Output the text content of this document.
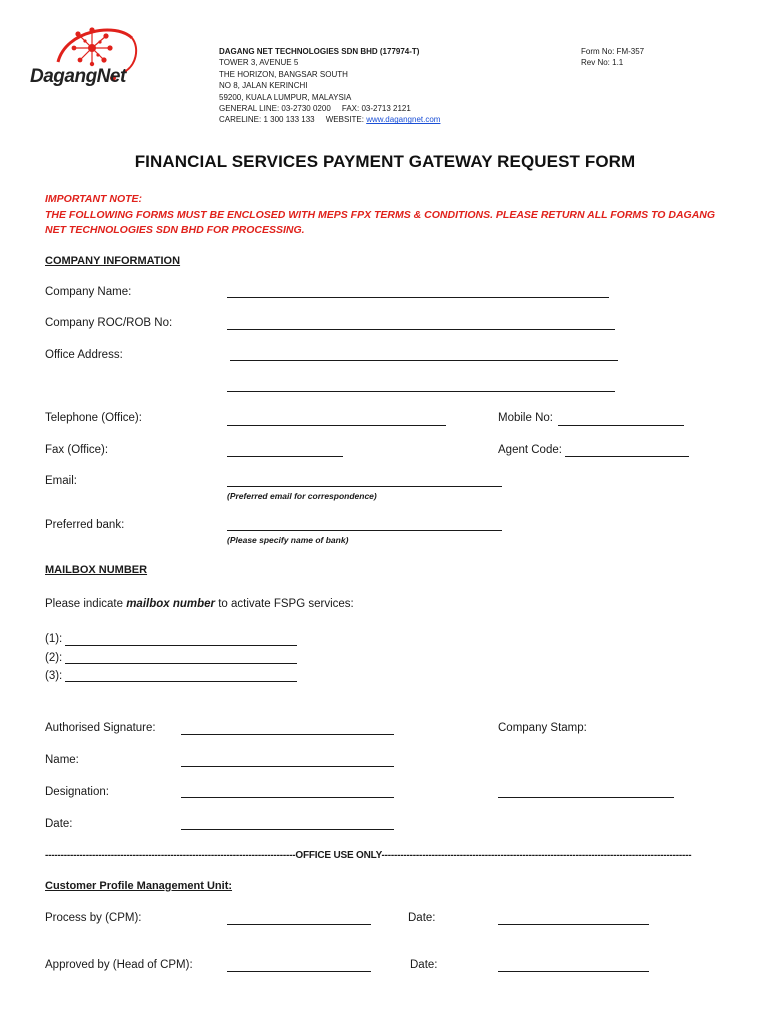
DagangNet
DAGANG NET TECHNOLOGIES SDN BHD (177974-T)
TOWER 3, AVENUE 5
THE HORIZON, BANGSAR SOUTH
NO 8, JALAN KERINCHI
59200, KUALA LUMPUR, MALAYSIA
GENERAL LINE: 03-2730 0200     FAX: 03-2713 2121
CARELINE: 1 300 133 133     WEBSITE: www.dagangnet.com
Form No: FM-357
Rev No: 1.1
FINANCIAL SERVICES PAYMENT GATEWAY REQUEST FORM
IMPORTANT NOTE:
THE FOLLOWING FORMS MUST BE ENCLOSED WITH MEPS FPX TERMS & CONDITIONS. PLEASE RETURN ALL FORMS TO DAGANG NET TECHNOLOGIES SDN BHD FOR PROCESSING.
COMPANY INFORMATION
Company Name:
Company ROC/ROB No:
Office Address:
Telephone (Office):	Mobile No:
Fax (Office):	Agent Code:
Email:
(Preferred email for correspondence)
Preferred bank:
(Please specify name of bank)
MAILBOX NUMBER
Please indicate mailbox number to activate FSPG services:
(1):
(2):
(3):
Authorised Signature:	Company Stamp:
Name:
Designation:
Date:
--------------------------------------------------------------------------------OFFICE USE ONLY---------------------------------------------------------------------------------------------------
Customer Profile Management Unit:
Process by (CPM):	Date:
Approved by (Head of CPM):	Date:
